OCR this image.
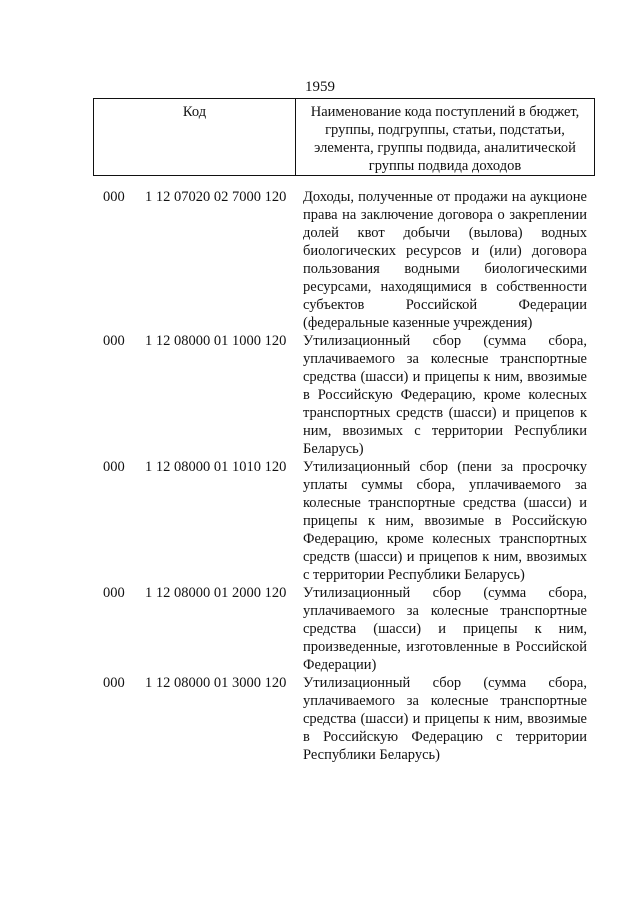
1959
Код	Наименование кода поступлений в бюджет, группы, подгруппы, статьи, подстатьи, элемента, группы подвида, аналитической группы подвида доходов
000 1 12 07020 02 7000 120 Доходы, полученные от продажи на аукционе права на заключение договора о закреплении долей квот добычи (вылова) водных биологических ресурсов и (или) договора пользования водными биологическими ресурсами, находящимися в собственности субъектов Российской Федерации (федеральные казенные учреждения)
000 1 12 08000 01 1000 120 Утилизационный сбор (сумма сбора, уплачиваемого за колесные транспортные средства (шасси) и прицепы к ним, ввозимые в Российскую Федерацию, кроме колесных транспортных средств (шасси) и прицепов к ним, ввозимых с территории Республики Беларусь)
000 1 12 08000 01 1010 120 Утилизационный сбор (пени за просрочку уплаты суммы сбора, уплачиваемого за колесные транспортные средства (шасси) и прицепы к ним, ввозимые в Российскую Федерацию, кроме колесных транспортных средств (шасси) и прицепов к ним, ввозимых с территории Республики Беларусь)
000 1 12 08000 01 2000 120 Утилизационный сбор (сумма сбора, уплачиваемого за колесные транспортные средства (шасси) и прицепы к ним, произведенные, изготовленные в Российской Федерации)
000 1 12 08000 01 3000 120 Утилизационный сбор (сумма сбора, уплачиваемого за колесные транспортные средства (шасси) и прицепы к ним, ввозимые в Российскую Федерацию с территории Республики Беларусь)
